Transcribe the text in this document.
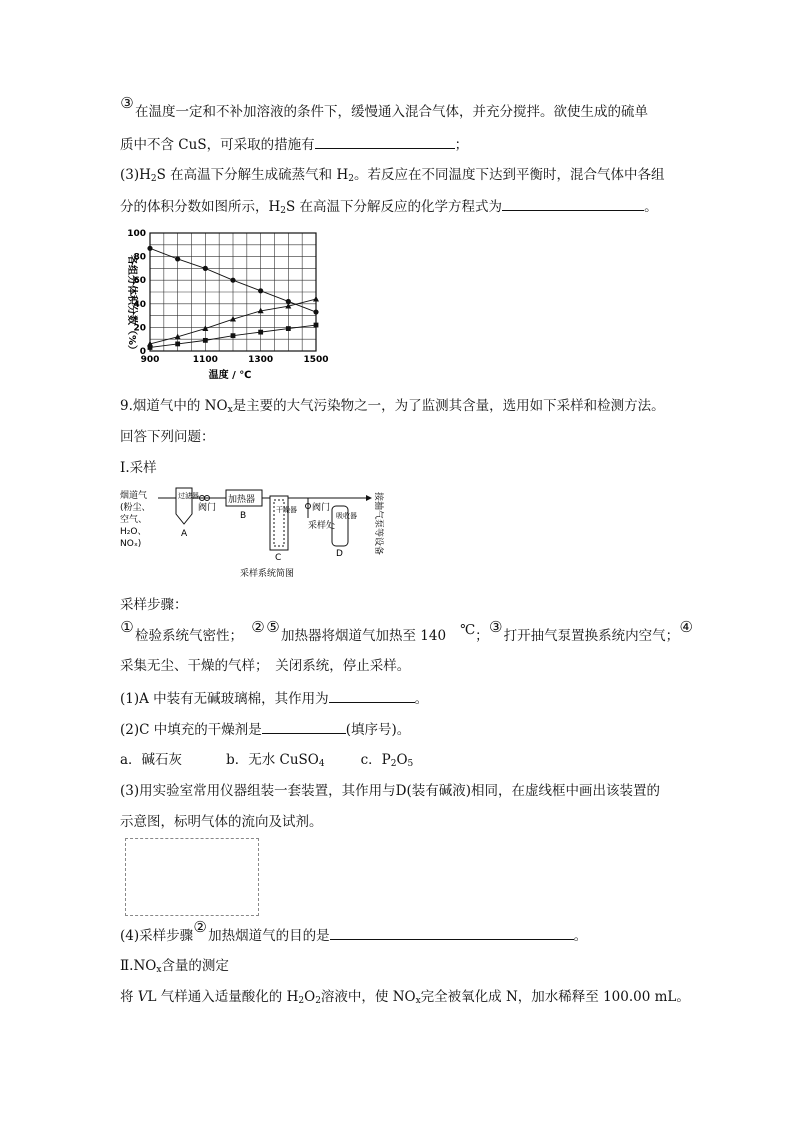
③在温度一定和不补加溶液的条件下，缓慢通入混合气体，并充分搅拌。欲使生成的硫单
质中不含 CuS，可采取的措施有	；
$(3)H_2S$ 在高温下分解生成硫蒸气和 $H_2$。若反应在不同温度下达到平衡时，混合气体中各组
分的体积分数如图所示，$H_2S$ 在高温下分解反应的化学方程式为	。
0
20
40
60
80
100
900	1100	1300	1500
各组分体积分数（%）
温度 / ℃
9.烟道气中的 $NO_x$是主要的大气污染物之一，为了监测其含量，选用如下采样和检测方法。
回答下列问题：
Ⅰ.采样
烟道气
(粉尘、
空气、
H₂O、
NOₓ)
过滤器
A
阀门
加热器
B
干燥器
C
阀门
采样处
吸收器
D	接抽气泵等设备
采样系统简图
采样步骤：
①检验系统气密性； ② ⑤加热器将烟道气加热至 140 ℃；③打开抽气泵置换系统内空气；④
采集无尘、干燥的气样；　关闭系统，停止采样。
(1)A 中装有无碱玻璃棉，其作用为	。
(2)C 中填充的干燥剂是	(填序号)。
a．碱石灰	b．无水 CuSO$_4$	c．$P_2O_5$
(3)用实验室常用仪器组装一套装置，其作用与D(装有碱液)相同，在虚线框中画出该装置的
示意图，标明气体的流向及试剂。
(4)采样步骤②加热烟道气的目的是	。
$Ⅱ.NO_x$含量的测定
将 VL 气样通入适量酸化的 $H_2O_2$溶液中，使 $NO_x$完全被氧化成 N，加水稀释至 100.00 mL。
